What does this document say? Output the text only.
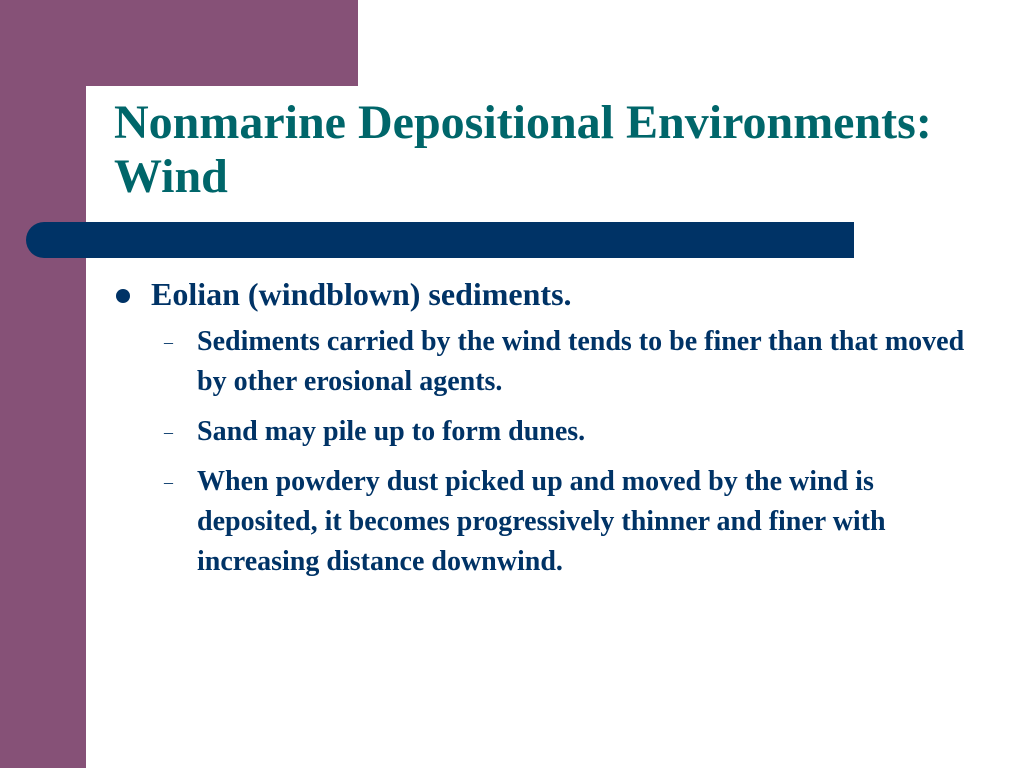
Nonmarine Depositional Environments: Wind
Eolian (windblown) sediments.
– Sediments carried by the wind tends to be finer than that moved by other erosional agents.
– Sand may pile up to form dunes.
– When powdery dust picked up and moved by the wind is deposited, it becomes progressively thinner and finer with increasing distance downwind.
